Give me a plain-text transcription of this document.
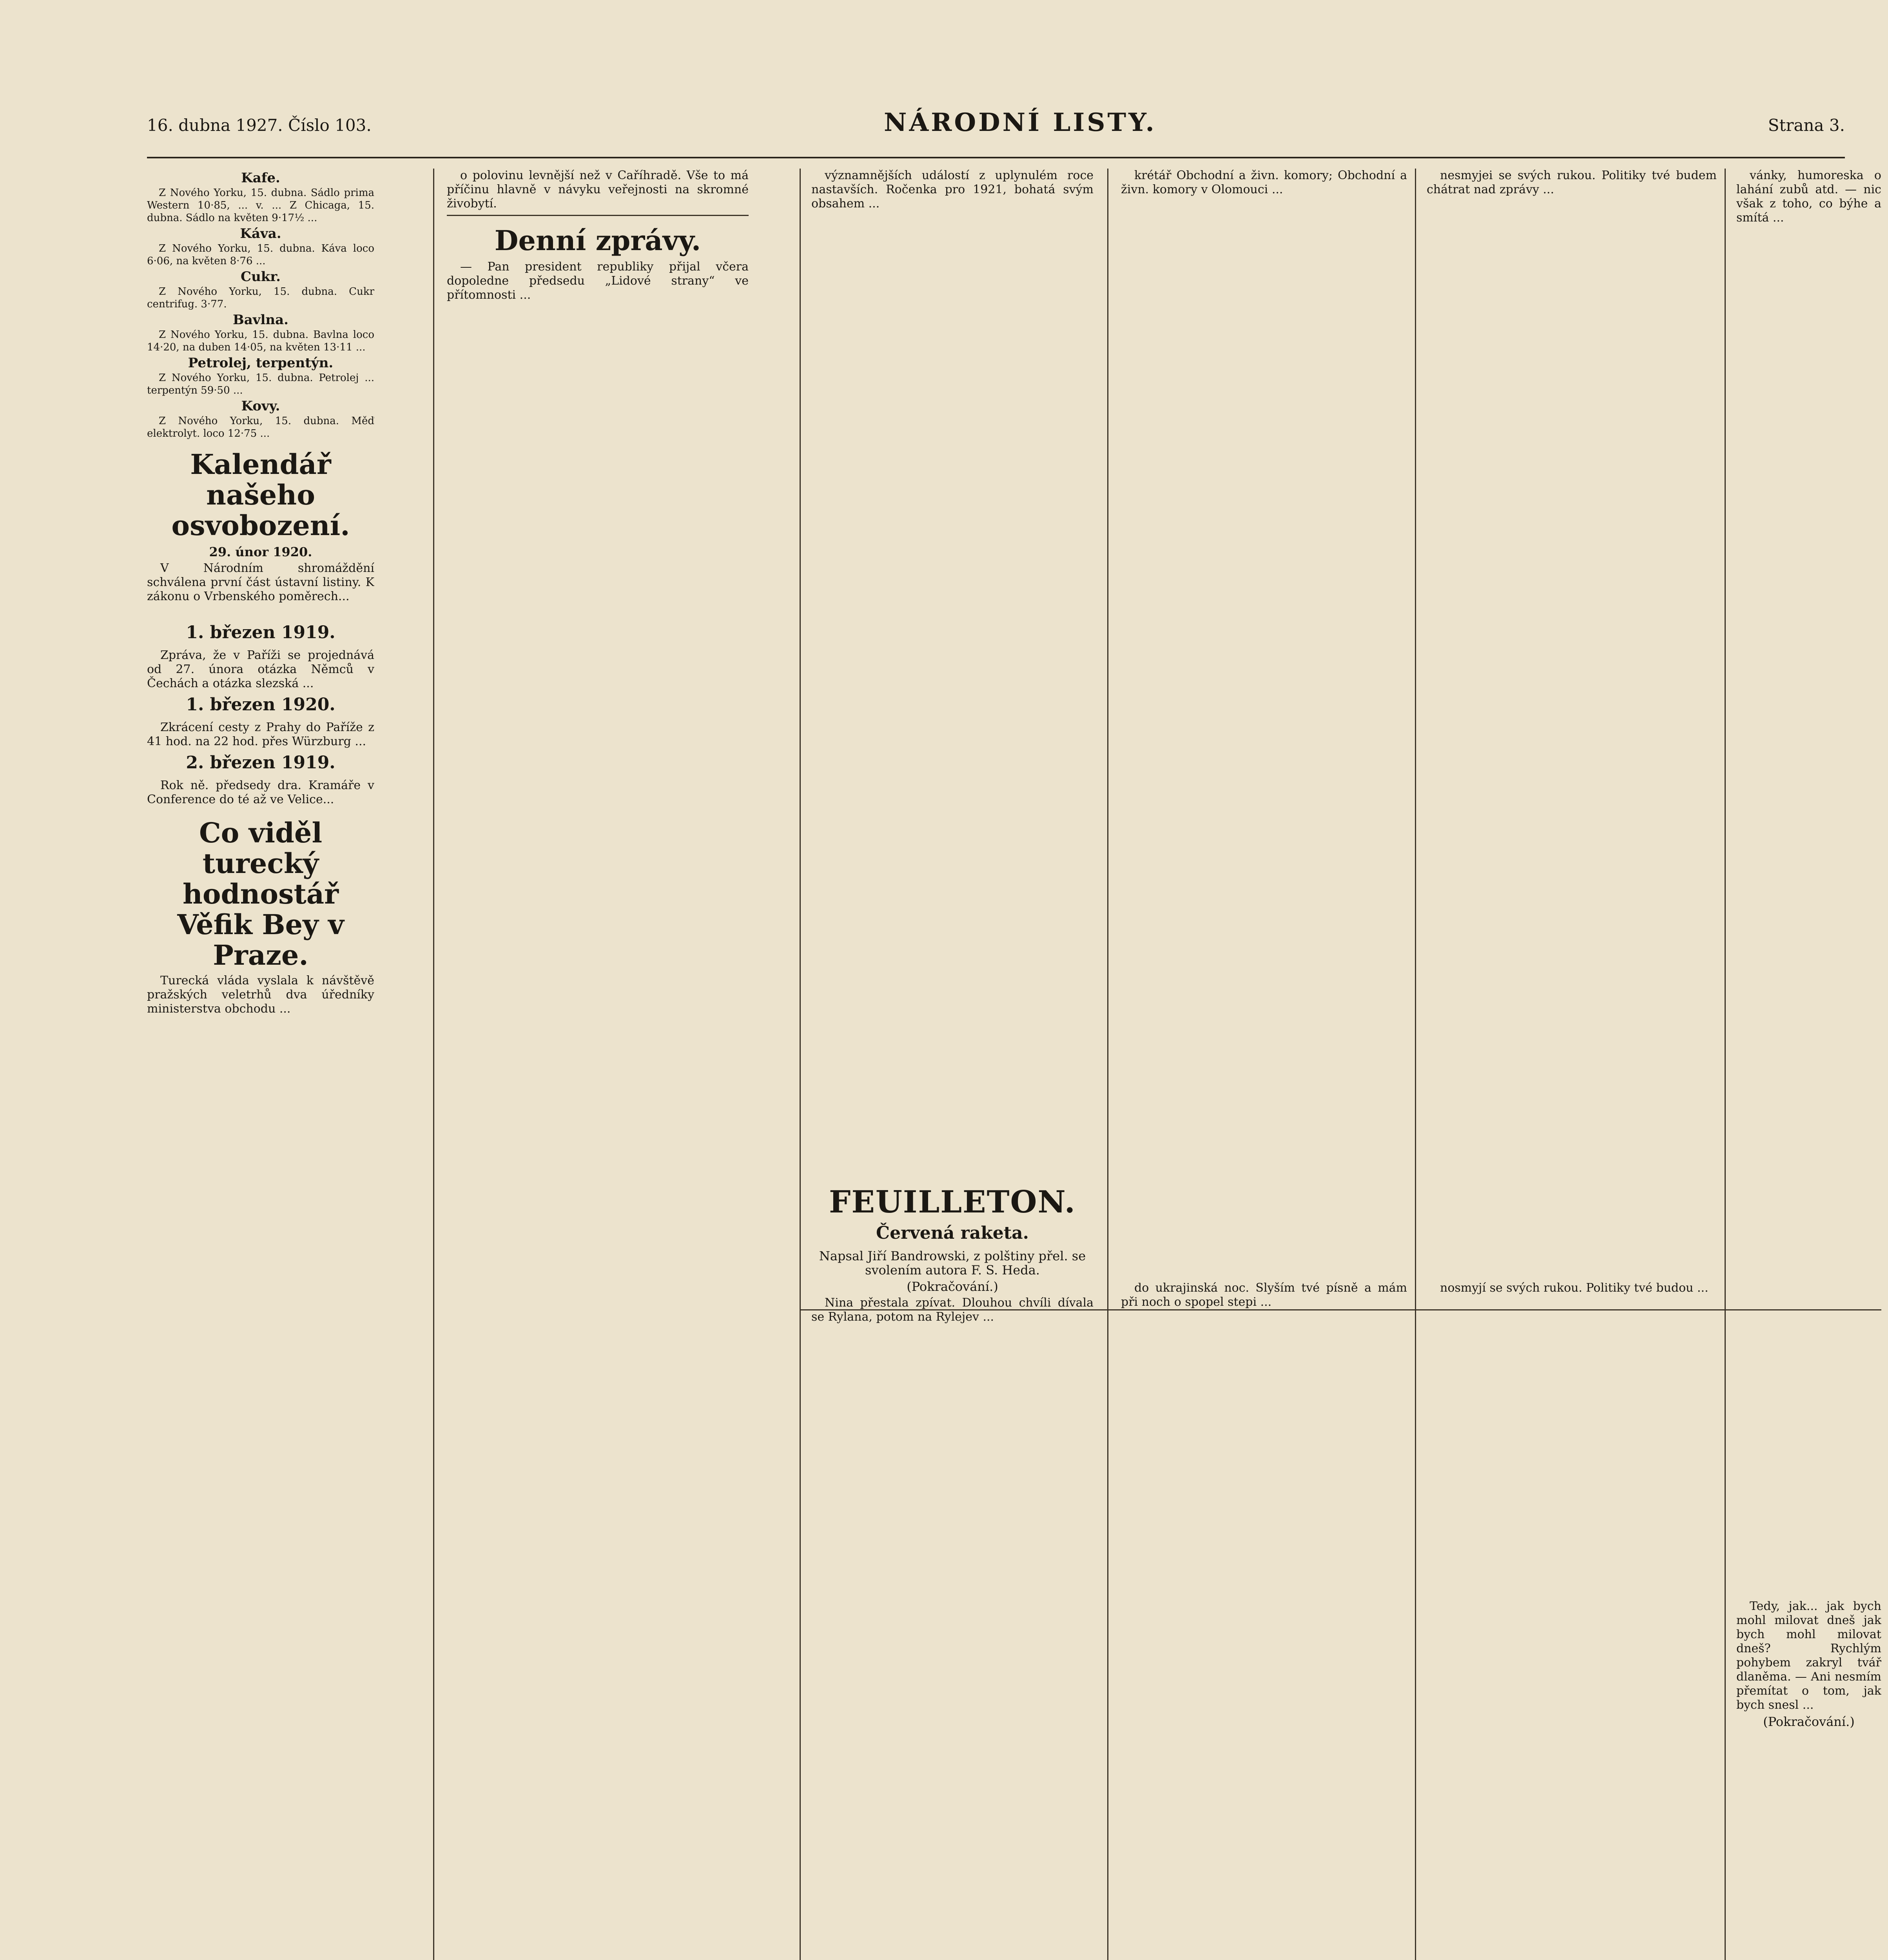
16. dubna 1927. Číslo 103.	NÁRODNÍ LISTY.	Strana 3.
Kafe.

Z Nového Yorku, 15. dubna. Sádlo prima Western 10·85, ... v. ... Z Chicaga, 15. dubna. Sádlo na květen 9·17½ ...

Káva.

Z Nového Yorku, 15. dubna. Káva loco 6·06, na květen 8·76 ...

Cukr.

Z Nového Yorku, 15. dubna. Cukr centrifug. 3·77.

Bavlna.

Z Nového Yorku, 15. dubna. Bavlna loco 14·20, na duben 14·05, na květen 13·11 ...

Petrolej, terpentýn.

Z Nového Yorku, 15. dubna. Petrolej ... terpentýn 59·50 ...

Kovy.

Z Nového Yorku, 15. dubna. Měď elektrolyt. loco 12·75 ...

Kalendář našeho osvobození.
29. únor 1920.

V Národním shromáždění schválena první část ústavní listiny. K zákonu o Vrbenského poměrech...

1. březen 1919.

Zpráva, že v Paříži se projednává od 27. února otázka Němců v Čechách a otázka slezská ...

1. březen 1920.

Zkrácení cesty z Prahy do Paříže z 41 hod. na 22 hod. přes Würzburg ...

2. březen 1919.

Rok ně. předsedy dra. Kramáře v Conference do té až ve Velice...

Co viděl turecký hodnostář Věfik Bey v Praze.

Turecká vláda vyslala k návštěvě pražských veletrhů dva úředníky ministerstva obchodu ...

o polovinu levnější než v Caříhradě. Vše to má příčinu hlavně v návyku veřejnosti na skromné živobytí.

Denní zprávy.

— Pan president republiky přijal včera dopoledne předsedu „Lidové strany“ ve přítomnosti ...

významnějších událostí z uplynulém roce nastavších. Ročenka pro 1921, bohatá svým obsahem ...

FEUILLETON.
Červená raketa.
Napsal Jiří Bandrowski, z polštiny přel. se svolením autora F. S. Heda.
(Pokračování.)

Nina přestala zpívat. Dlouhou chvíli dívala se Rylana, potom na Rylejev ...

krétář Obchodní a živn. komory; Obchodní a živn. komory v Olomouci ...

do ukrajinská noc. Slyším tvé písně a mám při noch o spopel stepi ...

nesmyjei se svých rukou. Politiky tvé budem chátrat nad zprávy ...

nosmyjí se svých rukou. Politiky tvé budou ...

vánky, humoreska o lahání zubů atd. — nic však z toho, co býhe a smítá ...

Tedy, jak... jak bych mohl milovat dneš jak bych mohl milovat dneš? Rychlým pohybem zakryl tvář dlaněma. — Ani nesmím přemítat o tom, jak bych snesl ...

(Pokračování.)
